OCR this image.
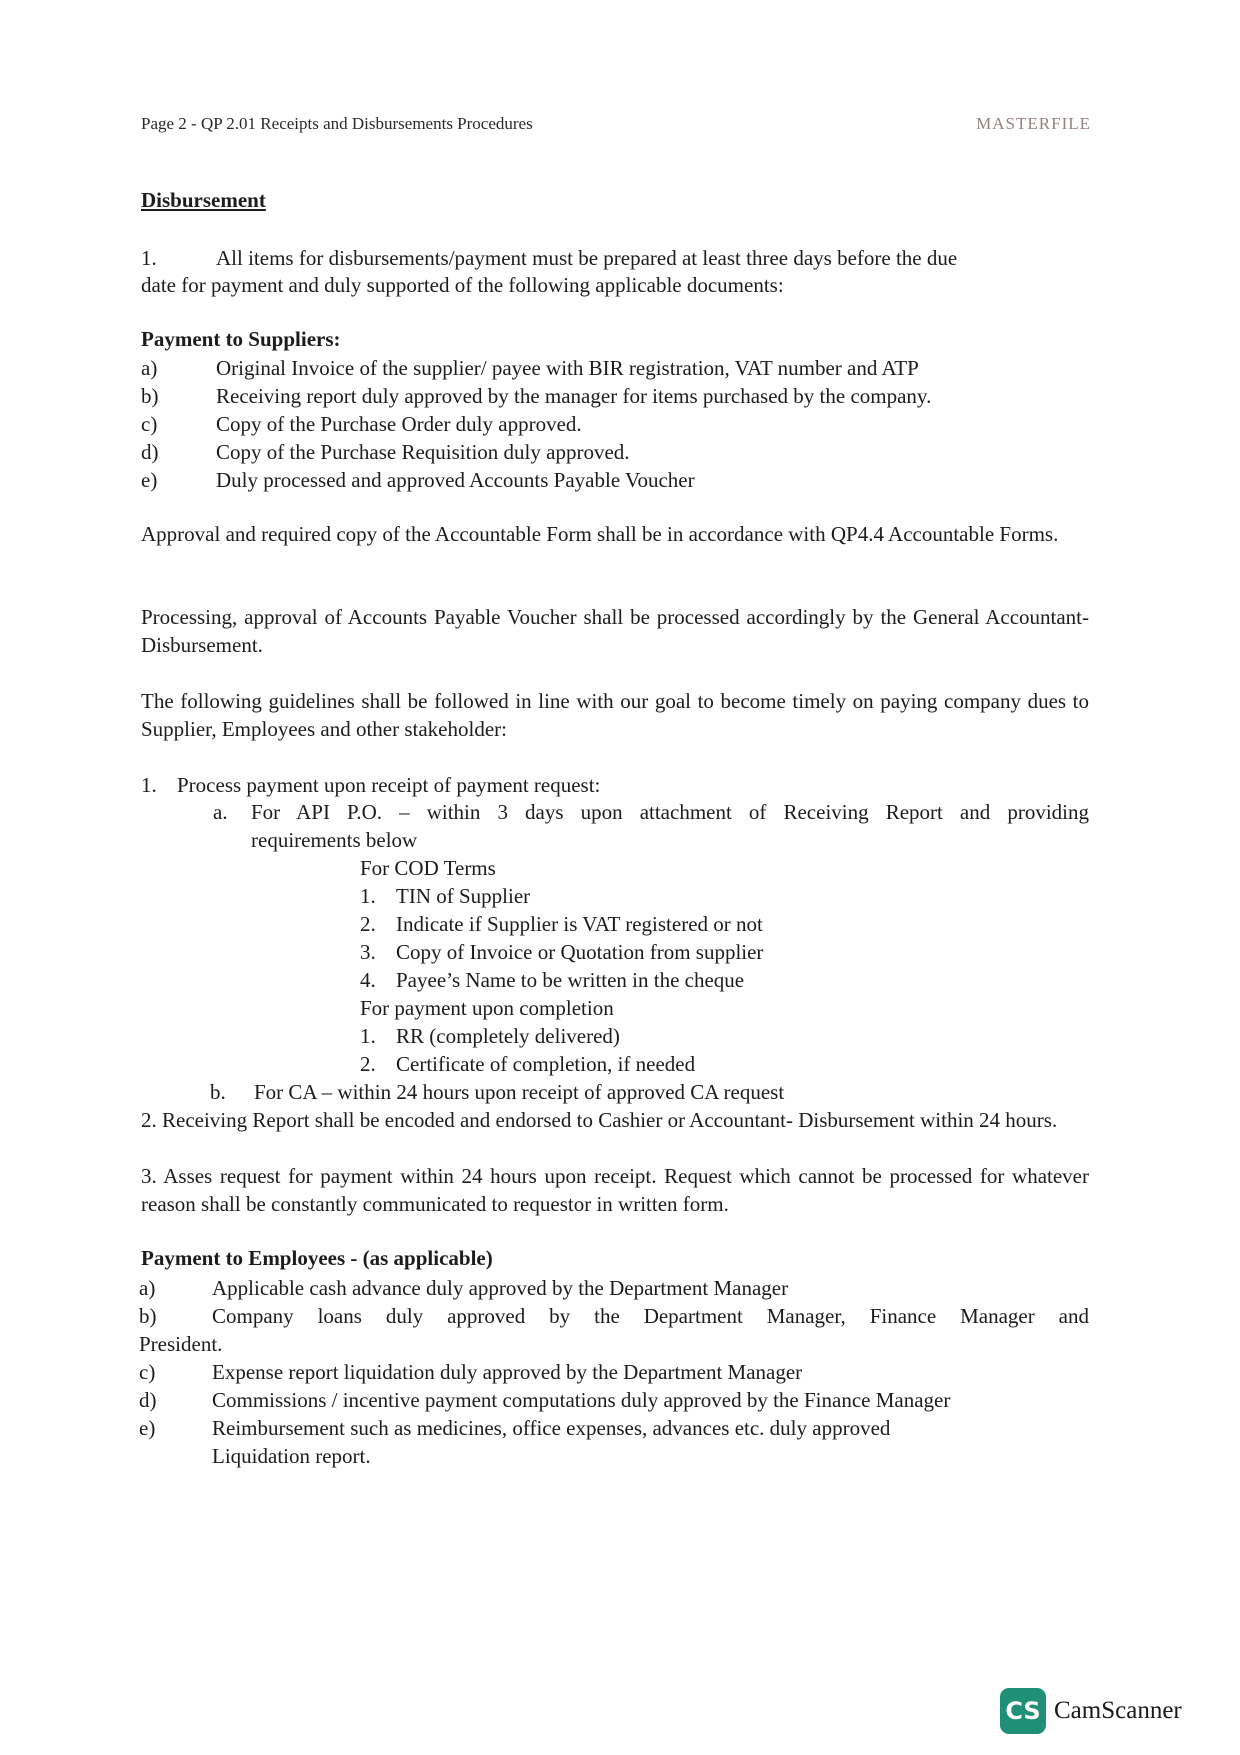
Page 2 - QP 2.01 Receipts and Disbursements Procedures	MASTERFILE
Disbursement
1.	All items for disbursements/payment must be prepared at least three days before the due
date for payment and duly supported of the following applicable documents:
Payment to Suppliers:
a)	Original Invoice of the supplier/ payee with BIR registration, VAT number and ATP
b)	Receiving report duly approved by the manager for items purchased by the company.
c)	Copy of the Purchase Order duly approved.
d)	Copy of the Purchase Requisition duly approved.
e)	Duly processed and approved Accounts Payable Voucher
Approval and required copy of the Accountable Form shall be in accordance with QP4.4 Accountable Forms.
Processing, approval of Accounts Payable Voucher shall be processed accordingly by the General Accountant-Disbursement.
The following guidelines shall be followed in line with our goal to become timely on paying company dues to Supplier, Employees and other stakeholder:
1. Process payment upon receipt of payment request:
a. For API P.O. – within 3 days upon attachment of Receiving Report and providing
requirements below
For COD Terms
1. TIN of Supplier
2. Indicate if Supplier is VAT registered or not
3. Copy of Invoice or Quotation from supplier
4. Payee’s Name to be written in the cheque
For payment upon completion
1. RR (completely delivered)
2. Certificate of completion, if needed
b. For CA – within 24 hours upon receipt of approved CA request
2. Receiving Report shall be encoded and endorsed to Cashier or Accountant- Disbursement within 24 hours.
3. Asses request for payment within 24 hours upon receipt. Request which cannot be processed for whatever reason shall be constantly communicated to requestor in written form.
Payment to Employees - (as applicable)
a)	Applicable cash advance duly approved by the Department Manager
b)	Company loans duly approved by the Department Manager, Finance Manager and
President.
c)	Expense report liquidation duly approved by the Department Manager
d)	Commissions / incentive payment computations duly approved by the Finance Manager
e)	Reimbursement such as medicines, office expenses, advances etc. duly approved
Liquidation report.
CS CamScanner
